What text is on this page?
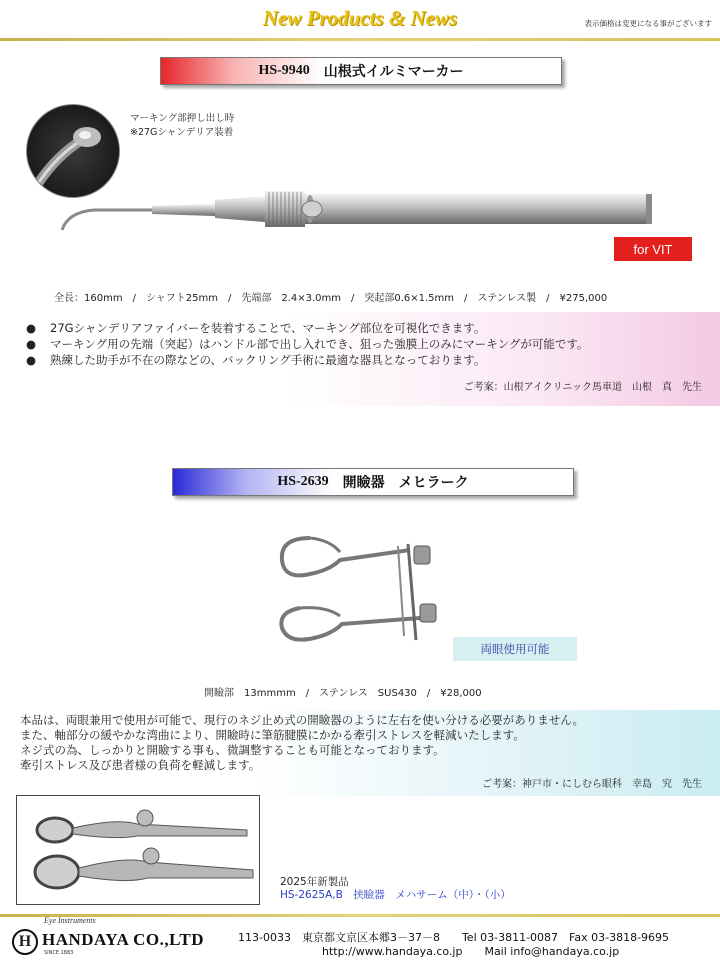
New Products & News	表示価格は変更になる事がございます
HS-9940 山根式イルミマーカー
マーキング部押し出し時
※27Gシャンデリア装着
for VIT
全長：160mm　/　シャフト25mm　/　先端部　2.4×3.0mm　/　突起部0.6×1.5mm　/　ステンレス製　/　¥275,000
● 27Gシャンデリアファイバーを装着することで、マーキング部位を可視化できます。
● マーキング用の先端（突起）はハンドル部で出し入れでき、狙った強膜上のみにマーキングが可能です。
● 熟練した助手が不在の際などの、バックリング手術に最適な器具となっております。
ご考案：山根アイクリニック馬車道　山根　真　先生
HS-2639 開瞼器　メヒラーク
両眼使用可能
開瞼部　13mmmm　/　ステンレス　SUS430　/　¥28,000
本品は、両眼兼用で使用が可能で、現行のネジ止め式の開瞼器のように左右を使い分ける必要がありません。
また、軸部分の緩やかな湾曲により、開瞼時に筆筋腱膜にかかる牽引ストレスを軽減いたします。
ネジ式の為、しっかりと開瞼する事も、微調整することも可能となっております。
牽引ストレス及び患者様の負荷を軽減します。
ご考案：神戸市・にしむら眼科　幸島　究　先生
2025年新製品
HS-2625A,B　挟瞼器　メハサーム（中）・（小）
Eye Instruments
H HANDAYA CO.,LTD
SINCE 1883
113-0033　東京都文京区本郷3－37－8　　Tel 03-3811-0087　Fax 03-3818-9695
http://www.handaya.co.jp　　Mail info@handaya.co.jp
